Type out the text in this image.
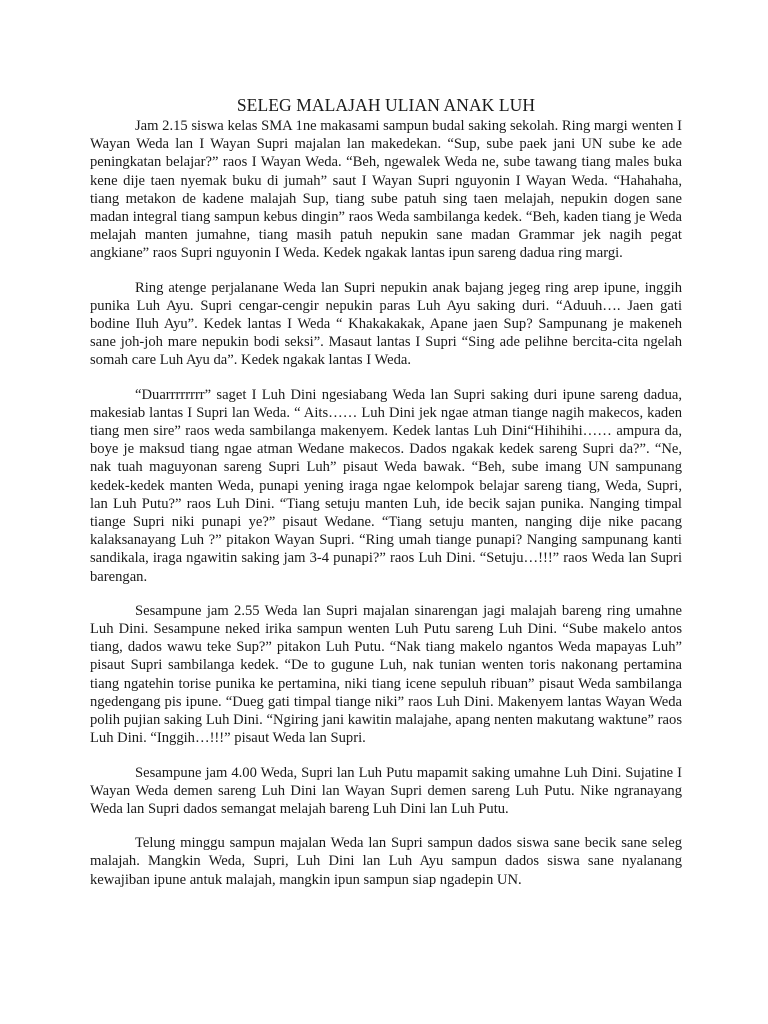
SELEG MALAJAH ULIAN ANAK LUH

Jam 2.15 siswa kelas SMA 1ne makasami sampun budal saking sekolah. Ring margi wenten I Wayan Weda lan I Wayan Supri majalan lan makedekan. “Sup, sube paek jani UN sube ke ade peningkatan belajar?” raos I Wayan Weda. “Beh, ngewalek Weda ne, sube tawang tiang males buka kene dije taen nyemak buku di jumah” saut I Wayan Supri nguyonin I Wayan Weda. “Hahahaha, tiang metakon de kadene malajah Sup, tiang sube patuh sing taen melajah, nepukin dogen sane madan integral tiang sampun kebus dingin” raos Weda sambilanga kedek. “Beh, kaden tiang je Weda melajah manten jumahne, tiang masih patuh nepukin sane madan Grammar jek nagih pegat angkiane” raos Supri nguyonin I Weda. Kedek ngakak lantas ipun sareng dadua ring margi.

Ring atenge perjalanane Weda lan Supri nepukin anak bajang jegeg ring arep ipune, inggih punika Luh Ayu. Supri cengar-cengir nepukin paras Luh Ayu saking duri. “Aduuh…. Jaen gati bodine Iluh Ayu”. Kedek lantas I Weda “ Khakakakak, Apane jaen Sup? Sampunang je makeneh sane joh-joh mare nepukin bodi seksi”. Masaut lantas I Supri “Sing ade pelihne bercita-cita ngelah somah care Luh Ayu da”. Kedek ngakak lantas I Weda.

“Duarrrrrrrr” saget I Luh Dini ngesiabang Weda lan Supri saking duri ipune sareng dadua, makesiab lantas I Supri lan Weda. “ Aits…… Luh Dini jek ngae atman tiange nagih makecos, kaden tiang men sire” raos weda sambilanga makenyem. Kedek lantas Luh Dini“Hihihihi…… ampura da, boye je maksud tiang ngae atman Wedane makecos. Dados ngakak kedek sareng Supri da?”. “Ne, nak tuah maguyonan sareng Supri Luh” pisaut Weda bawak. “Beh, sube imang UN sampunang kedek-kedek manten Weda, punapi yening iraga ngae kelompok belajar sareng tiang, Weda, Supri, lan Luh Putu?” raos Luh Dini. “Tiang setuju manten Luh, ide becik sajan punika. Nanging timpal tiange Supri niki punapi ye?” pisaut Wedane. “Tiang setuju manten, nanging dije nike pacang kalaksanayang Luh ?” pitakon Wayan Supri. “Ring umah tiange punapi? Nanging sampunang kanti sandikala, iraga ngawitin saking jam 3-4 punapi?” raos Luh Dini. “Setuju…!!!” raos Weda lan Supri barengan.

Sesampune jam 2.55 Weda lan Supri majalan sinarengan jagi malajah bareng ring umahne Luh Dini. Sesampune neked irika sampun wenten Luh Putu sareng Luh Dini. “Sube makelo antos tiang, dados wawu teke Sup?” pitakon Luh Putu. “Nak tiang makelo ngantos Weda mapayas Luh” pisaut Supri sambilanga kedek. “De to gugune Luh, nak tunian wenten toris nakonang pertamina tiang ngatehin torise punika ke pertamina, niki tiang icene sepuluh ribuan” pisaut Weda sambilanga ngedengang pis ipune. “Dueg gati timpal tiange niki” raos Luh Dini. Makenyem lantas Wayan Weda polih pujian saking Luh Dini. “Ngiring jani kawitin malajahe, apang nenten makutang waktune” raos Luh Dini. “Inggih…!!!” pisaut Weda lan Supri.

Sesampune jam 4.00 Weda, Supri lan Luh Putu mapamit saking umahne Luh Dini. Sujatine I Wayan Weda demen sareng Luh Dini lan Wayan Supri demen sareng Luh Putu. Nike ngranayang Weda lan Supri dados semangat melajah bareng Luh Dini lan Luh Putu.

Telung minggu sampun majalan Weda lan Supri sampun dados siswa sane becik sane seleg malajah. Mangkin Weda, Supri, Luh Dini lan Luh Ayu sampun dados siswa sane nyalanang kewajiban ipune antuk malajah, mangkin ipun sampun siap ngadepin UN.
